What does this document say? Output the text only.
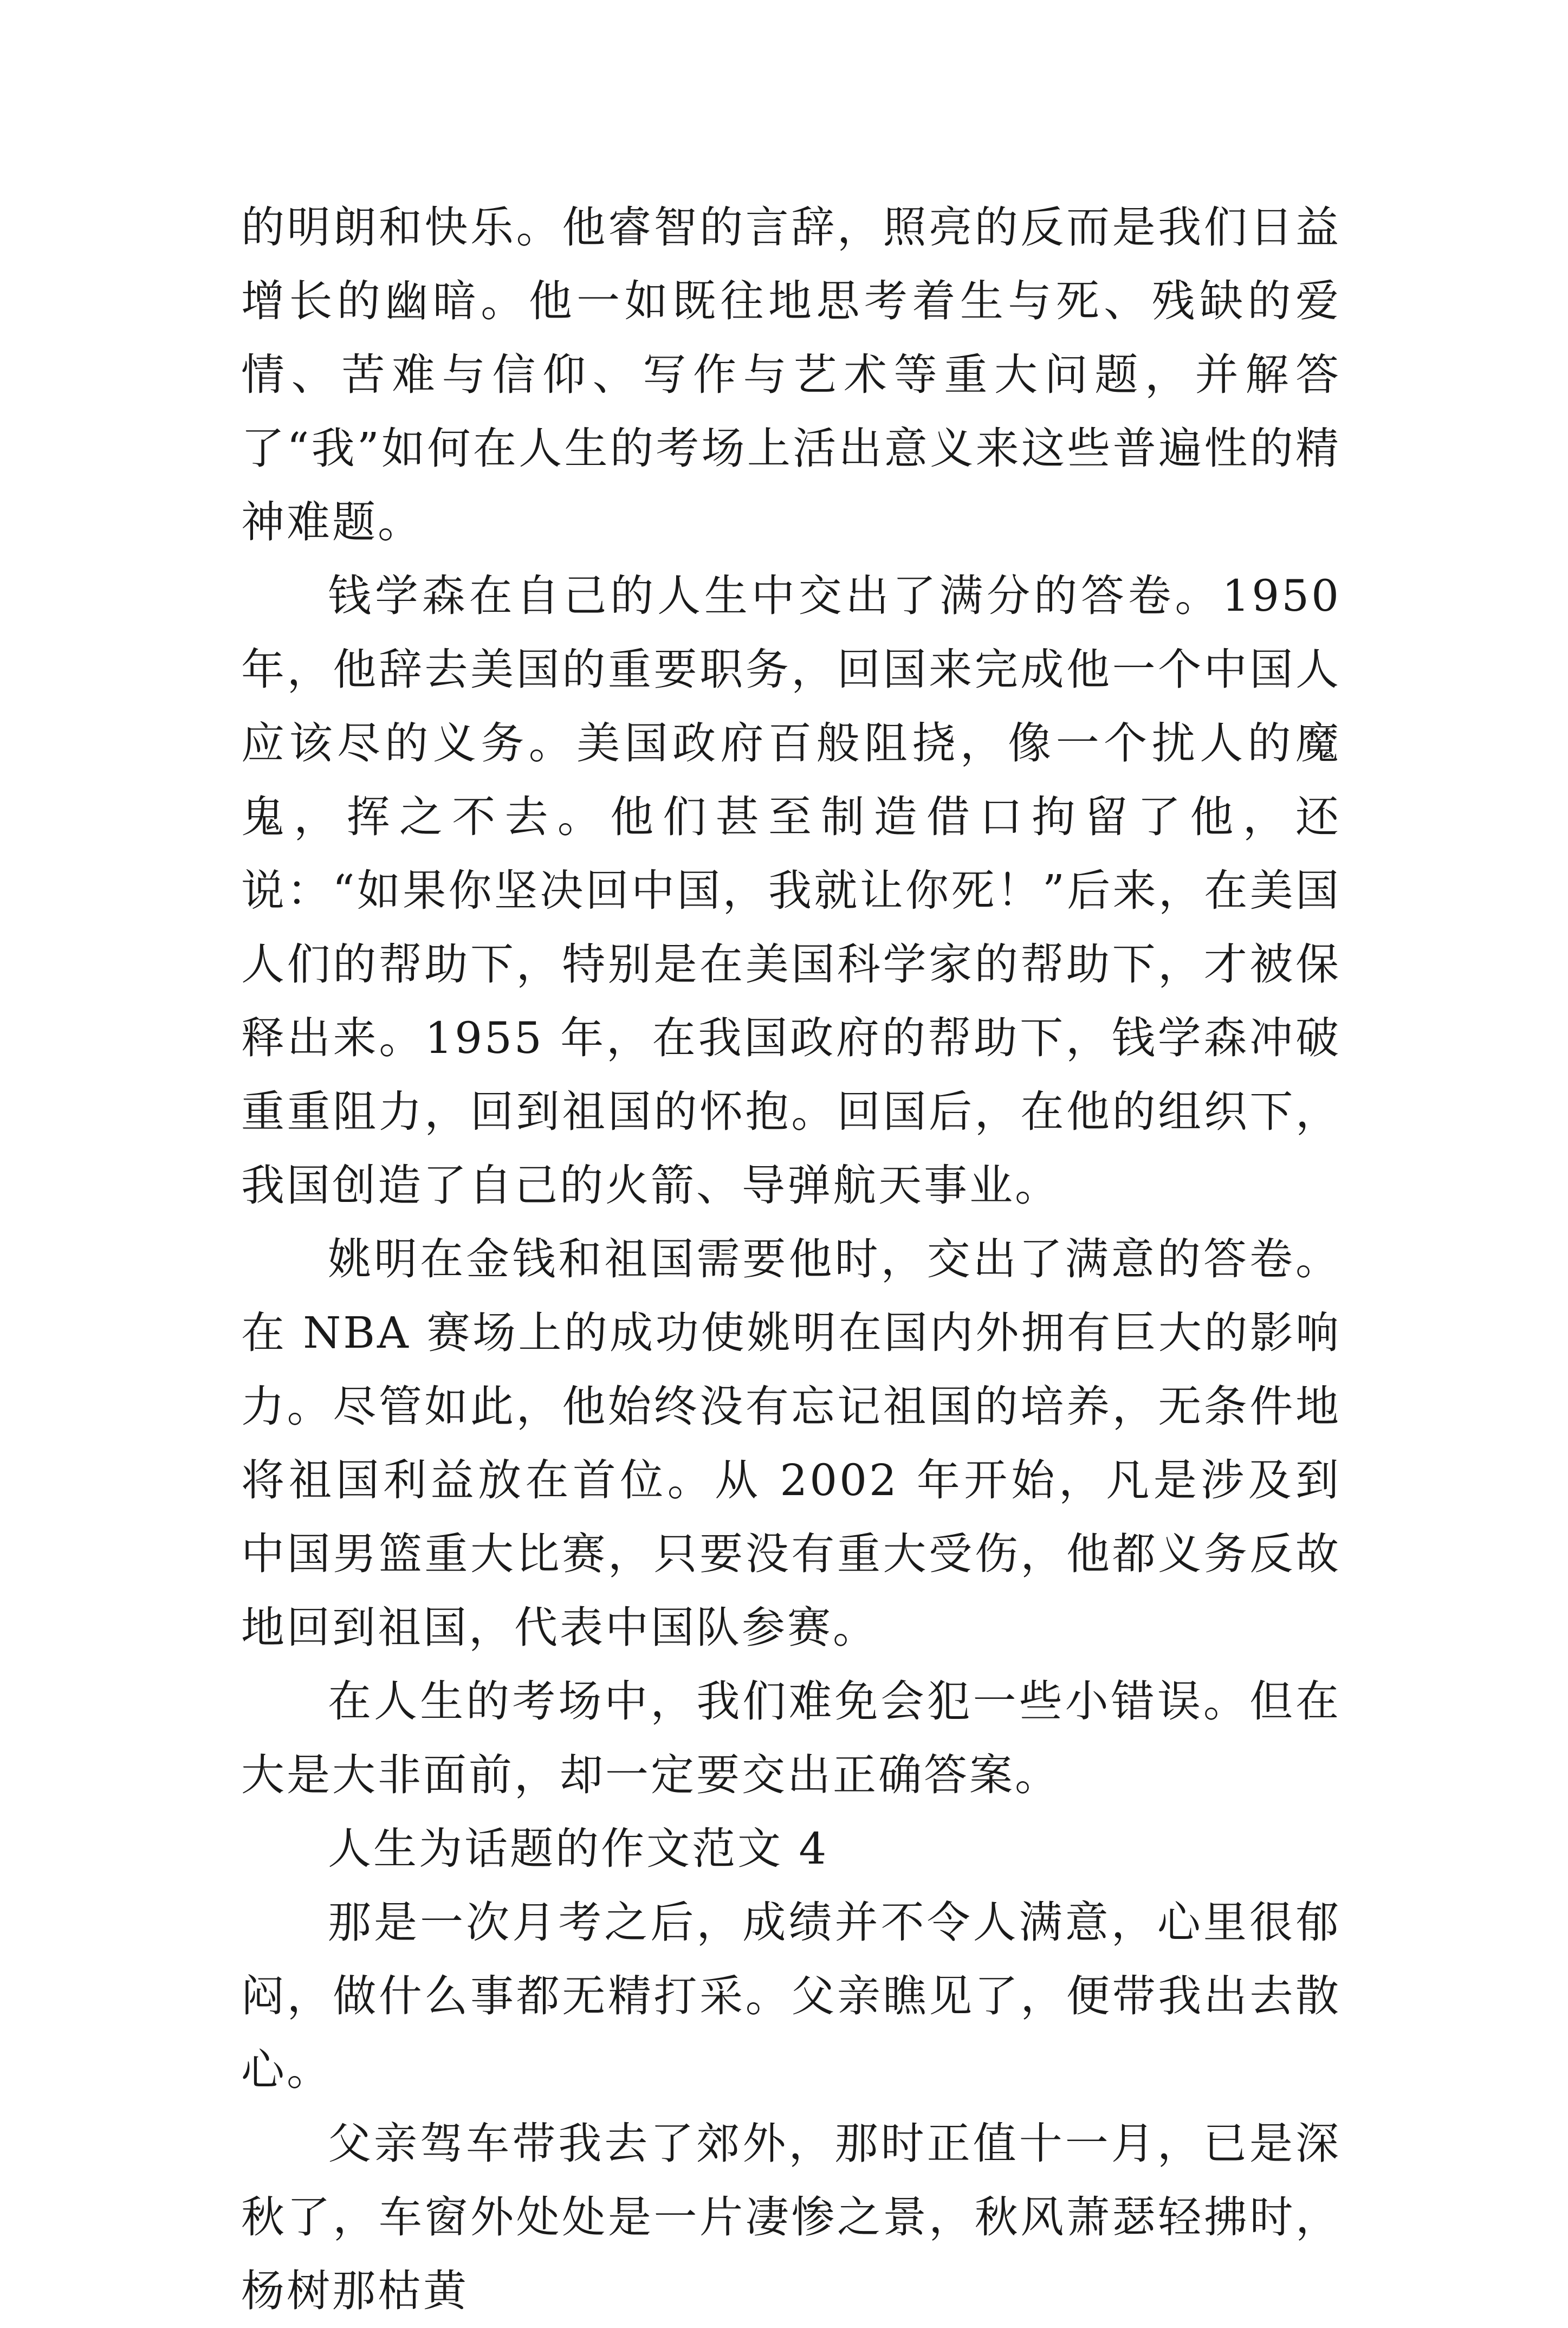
的明朗和快乐。他睿智的言辞，照亮的反而是我们日益增长的幽暗。他一如既往地思考着生与死、残缺的爱情、苦难与信仰、写作与艺术等重大问题，并解答了“我”如何在人生的考场上活出意义来这些普遍性的精神难题。

钱学森在自己的人生中交出了满分的答卷。1950 年，他辞去美国的重要职务，回国来完成他一个中国人应该尽的义务。美国政府百般阻挠，像一个扰人的魔鬼，挥之不去。他们甚至制造借口拘留了他，还说：“如果你坚决回中国，我就让你死！”后来，在美国人们的帮助下，特别是在美国科学家的帮助下，才被保释出来。1955 年，在我国政府的帮助下，钱学森冲破重重阻力，回到祖国的怀抱。回国后，在他的组织下，我国创造了自己的火箭、导弹航天事业。

姚明在金钱和祖国需要他时，交出了满意的答卷。在 NBA 赛场上的成功使姚明在国内外拥有巨大的影响力。尽管如此，他始终没有忘记祖国的培养，无条件地将祖国利益放在首位。从 2002 年开始，凡是涉及到中国男篮重大比赛，只要没有重大受伤，他都义务反故地回到祖国，代表中国队参赛。

在人生的考场中，我们难免会犯一些小错误。但在大是大非面前，却一定要交出正确答案。

人生为话题的作文范文 4

那是一次月考之后，成绩并不令人满意，心里很郁闷，做什么事都无精打采。父亲瞧见了，便带我出去散心。

父亲驾车带我去了郊外，那时正值十一月，已是深秋了，车窗外处处是一片凄惨之景，秋风萧瑟轻拂时，杨树那枯黄
